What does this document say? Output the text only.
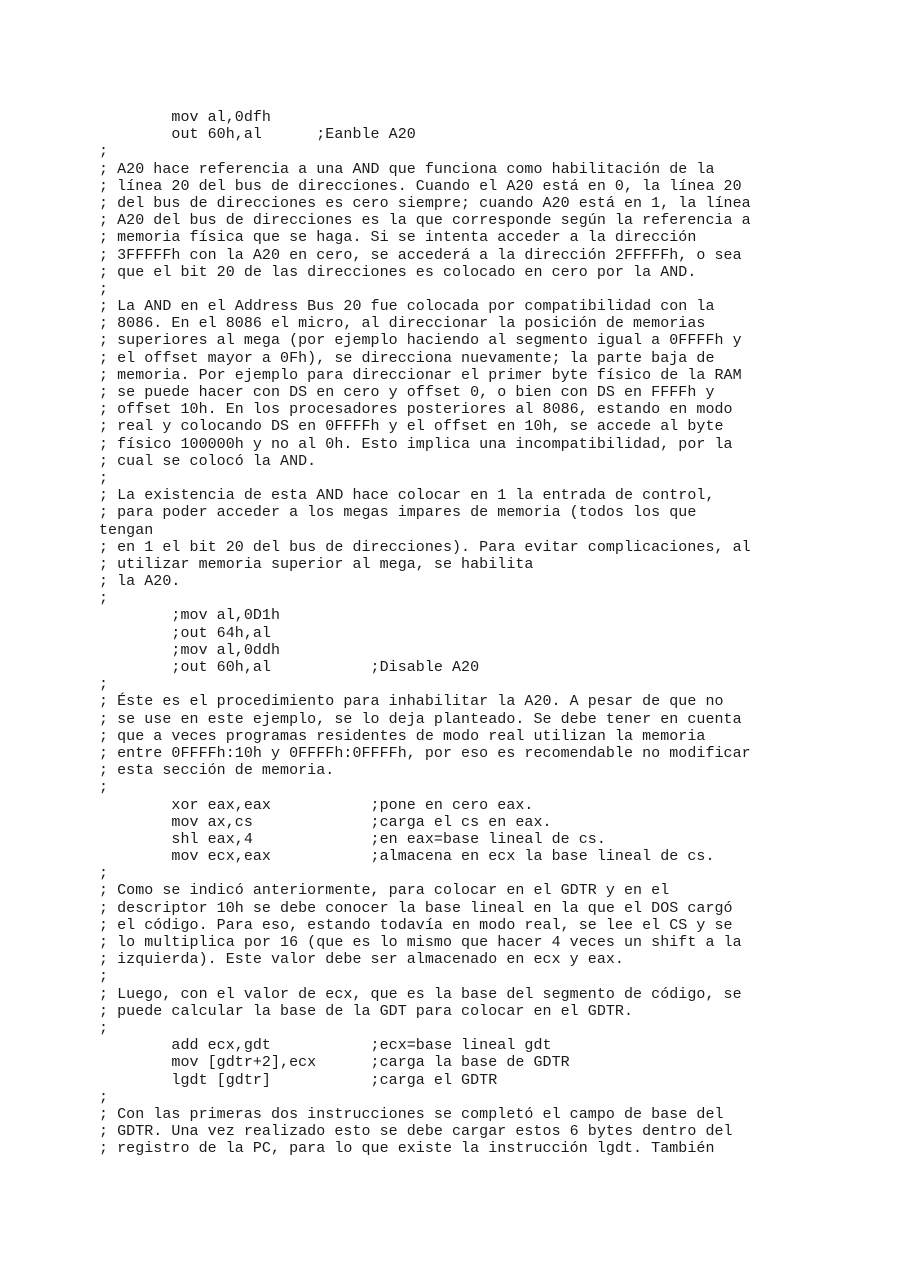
mov al,0dfh
out 60h,al      ;Eanble A20
;
; A20 hace referencia a una AND que funciona como habilitación de la
; línea 20 del bus de direcciones. Cuando el A20 está en 0, la línea 20
; del bus de direcciones es cero siempre; cuando A20 está en 1, la línea
; A20 del bus de direcciones es la que corresponde según la referencia a
; memoria física que se haga. Si se intenta acceder a la dirección
; 3FFFFFh con la A20 en cero, se accederá a la dirección 2FFFFFh, o sea
; que el bit 20 de las direcciones es colocado en cero por la AND.
;
; La AND en el Address Bus 20 fue colocada por compatibilidad con la
; 8086. En el 8086 el micro, al direccionar la posición de memorias
; superiores al mega (por ejemplo haciendo al segmento igual a 0FFFFh y
; el offset mayor a 0Fh), se direcciona nuevamente; la parte baja de
; memoria. Por ejemplo para direccionar el primer byte físico de la RAM
; se puede hacer con DS en cero y offset 0, o bien con DS en FFFFh y
; offset 10h. En los procesadores posteriores al 8086, estando en modo
; real y colocando DS en 0FFFFh y el offset en 10h, se accede al byte
; físico 100000h y no al 0h. Esto implica una incompatibilidad, por la
; cual se colocó la AND.
;
; La existencia de esta AND hace colocar en 1 la entrada de control,
; para poder acceder a los megas impares de memoria (todos los que
tengan
; en 1 el bit 20 del bus de direcciones). Para evitar complicaciones, al
; utilizar memoria superior al mega, se habilita
; la A20.
;
;mov al,0D1h
;out 64h,al
;mov al,0ddh
;out 60h,al           ;Disable A20
;
; Éste es el procedimiento para inhabilitar la A20. A pesar de que no
; se use en este ejemplo, se lo deja planteado. Se debe tener en cuenta
; que a veces programas residentes de modo real utilizan la memoria
; entre 0FFFFh:10h y 0FFFFh:0FFFFh, por eso es recomendable no modificar
; esta sección de memoria.
;
xor eax,eax           ;pone en cero eax.
mov ax,cs             ;carga el cs en eax.
shl eax,4             ;en eax=base lineal de cs.
mov ecx,eax           ;almacena en ecx la base lineal de cs.
;
; Como se indicó anteriormente, para colocar en el GDTR y en el
; descriptor 10h se debe conocer la base lineal en la que el DOS cargó
; el código. Para eso, estando todavía en modo real, se lee el CS y se
; lo multiplica por 16 (que es lo mismo que hacer 4 veces un shift a la
; izquierda). Este valor debe ser almacenado en ecx y eax.
;
; Luego, con el valor de ecx, que es la base del segmento de código, se
; puede calcular la base de la GDT para colocar en el GDTR.
;
add ecx,gdt           ;ecx=base lineal gdt
mov [gdtr+2],ecx      ;carga la base de GDTR
lgdt [gdtr]           ;carga el GDTR
;
; Con las primeras dos instrucciones se completó el campo de base del
; GDTR. Una vez realizado esto se debe cargar estos 6 bytes dentro del
; registro de la PC, para lo que existe la instrucción lgdt. También
